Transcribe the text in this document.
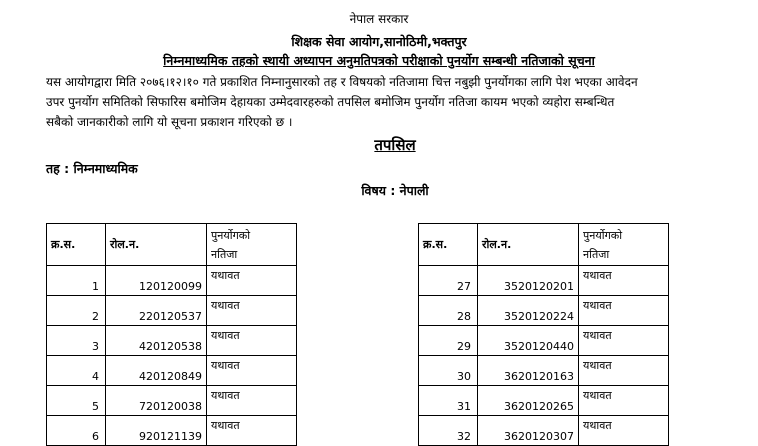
नेपाल सरकार
शिक्षक सेवा आयोग,सानोठिमी,भक्तपुर
निम्नमाध्यमिक तहको स्थायी अध्यापन अनुमतिपत्रको परीक्षाको पुनर्योग सम्बन्धी नतिजाको सूचना
यस आयोगद्वारा मिति २०७६।१२।१० गते प्रकाशित निम्नानुसारको तह र विषयको नतिजामा चित्त नबुझी पुनर्योगका लागि पेश भएका आवेदन
उपर पुनर्योग समितिको सिफारिस बमोजिम देहायका उम्मेदवारहरुको तपसिल बमोजिम पुनर्योग नतिजा कायम भएको व्यहोरा सम्बन्धित
सबैको जानकारीको लागि यो सूचना प्रकाशन गरिएको छ ।
तपसिल
तह : निम्नमाध्यमिक
विषय : नेपाली
क्र.स.	रोल.न.	पुनर्योगको
नतिजा

1	120120099	यथावत
2	220120537	यथावत
3	420120538	यथावत
4	420120849	यथावत
5	720120038	यथावत
6	920121139	यथावत
क्र.स.	रोल.न.	पुनर्योगको
नतिजा

27	3520120201	यथावत
28	3520120224	यथावत
29	3520120440	यथावत
30	3620120163	यथावत
31	3620120265	यथावत
32	3620120307	यथावत
